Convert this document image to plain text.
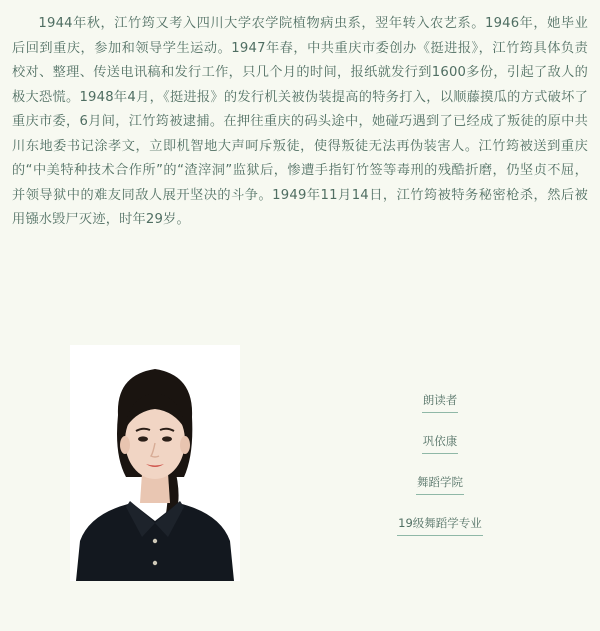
1944年秋，江竹筠又考入四川大学农学院植物病虫系，翌年转入农艺系。1946年，她毕业后回到重庆，参加和领导学生运动。1947年春，中共重庆市委创办《挺进报》，江竹筠具体负责校对、整理、传送电讯稿和发行工作，只几个月的时间，报纸就发行到1600多份，引起了敌人的极大恐慌。1948年4月，《挺进报》的发行机关被伪装提高的特务打入，以顺藤摸瓜的方式破坏了重庆市委，6月间，江竹筠被逮捕。在押往重庆的码头途中，她碰巧遇到了已经成了叛徒的原中共川东地委书记涂孝文，立即机智地大声呵斥叛徒，使得叛徒无法再伪装害人。江竹筠被送到重庆的“中美特种技术合作所”的“渣滓洞”监狱后，惨遭手指钉竹签等毒刑的残酷折磨，仍坚贞不屈，并领导狱中的难友同敌人展开坚决的斗争。1949年11月14日，江竹筠被特务秘密枪杀，然后被用镪水毁尸灭迹，时年29岁。

朗读者
巩依康
舞蹈学院
19级舞蹈学专业
